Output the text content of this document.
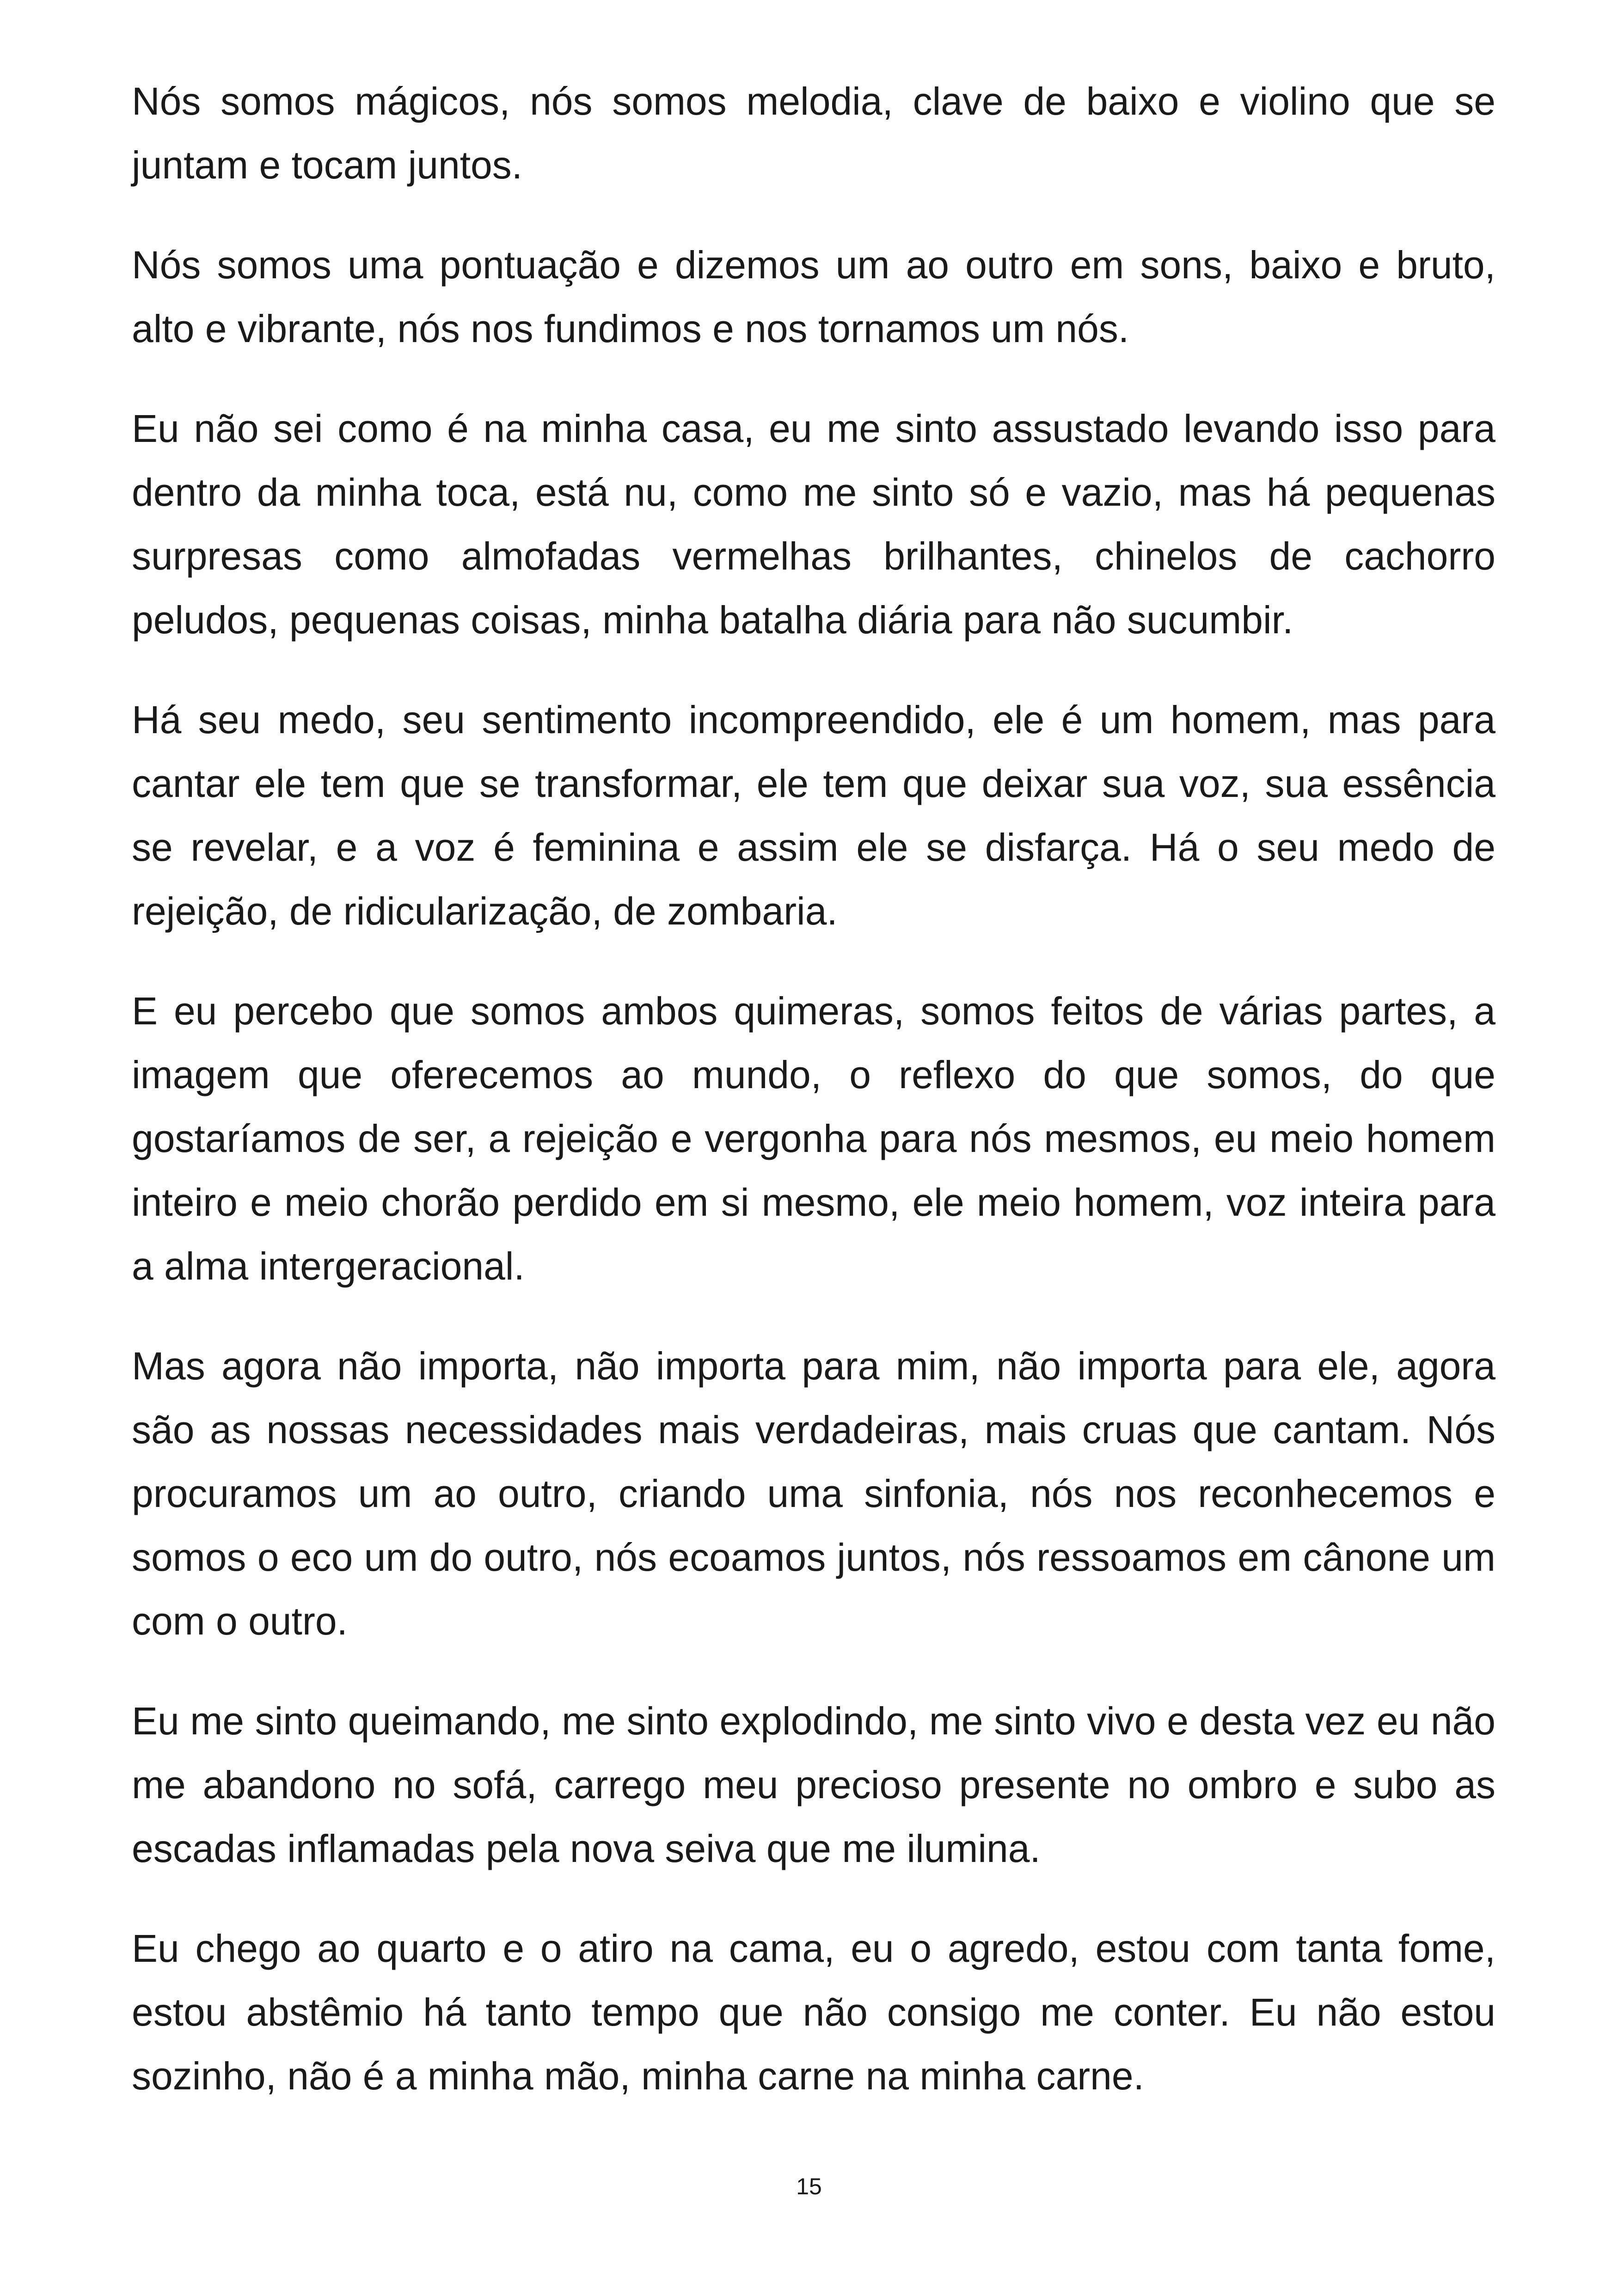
Nós somos mágicos, nós somos melodia, clave de baixo e violino que se juntam e tocam juntos.

Nós somos uma pontuação e dizemos um ao outro em sons, baixo e bruto, alto e vibrante, nós nos fundimos e nos tornamos um nós.

Eu não sei como é na minha casa, eu me sinto assustado levando isso para dentro da minha toca, está nu, como me sinto só e vazio, mas há pequenas surpresas como almofadas vermelhas brilhantes, chinelos de cachorro peludos, pequenas coisas, minha batalha diária para não sucumbir.

Há seu medo, seu sentimento incompreendido, ele é um homem, mas para cantar ele tem que se transformar, ele tem que deixar sua voz, sua essência se revelar, e a voz é feminina e assim ele se disfarça. Há o seu medo de rejeição, de ridicularização, de zombaria.

E eu percebo que somos ambos quimeras, somos feitos de várias partes, a imagem que oferecemos ao mundo, o reflexo do que somos, do que gostaríamos de ser, a rejeição e vergonha para nós mesmos, eu meio homem inteiro e meio chorão perdido em si mesmo, ele meio homem, voz inteira para a alma intergeracional.

Mas agora não importa, não importa para mim, não importa para ele, agora são as nossas necessidades mais verdadeiras, mais cruas que cantam. Nós procuramos um ao outro, criando uma sinfonia, nós nos reconhecemos e somos o eco um do outro, nós ecoamos juntos, nós ressoamos em cânone um com o outro.

Eu me sinto queimando, me sinto explodindo, me sinto vivo e desta vez eu não me abandono no sofá, carrego meu precioso presente no ombro e subo as escadas inflamadas pela nova seiva que me ilumina.

Eu chego ao quarto e o atiro na cama, eu o agredo, estou com tanta fome, estou abstêmio há tanto tempo que não consigo me conter. Eu não estou sozinho, não é a minha mão, minha carne na minha carne.

15
